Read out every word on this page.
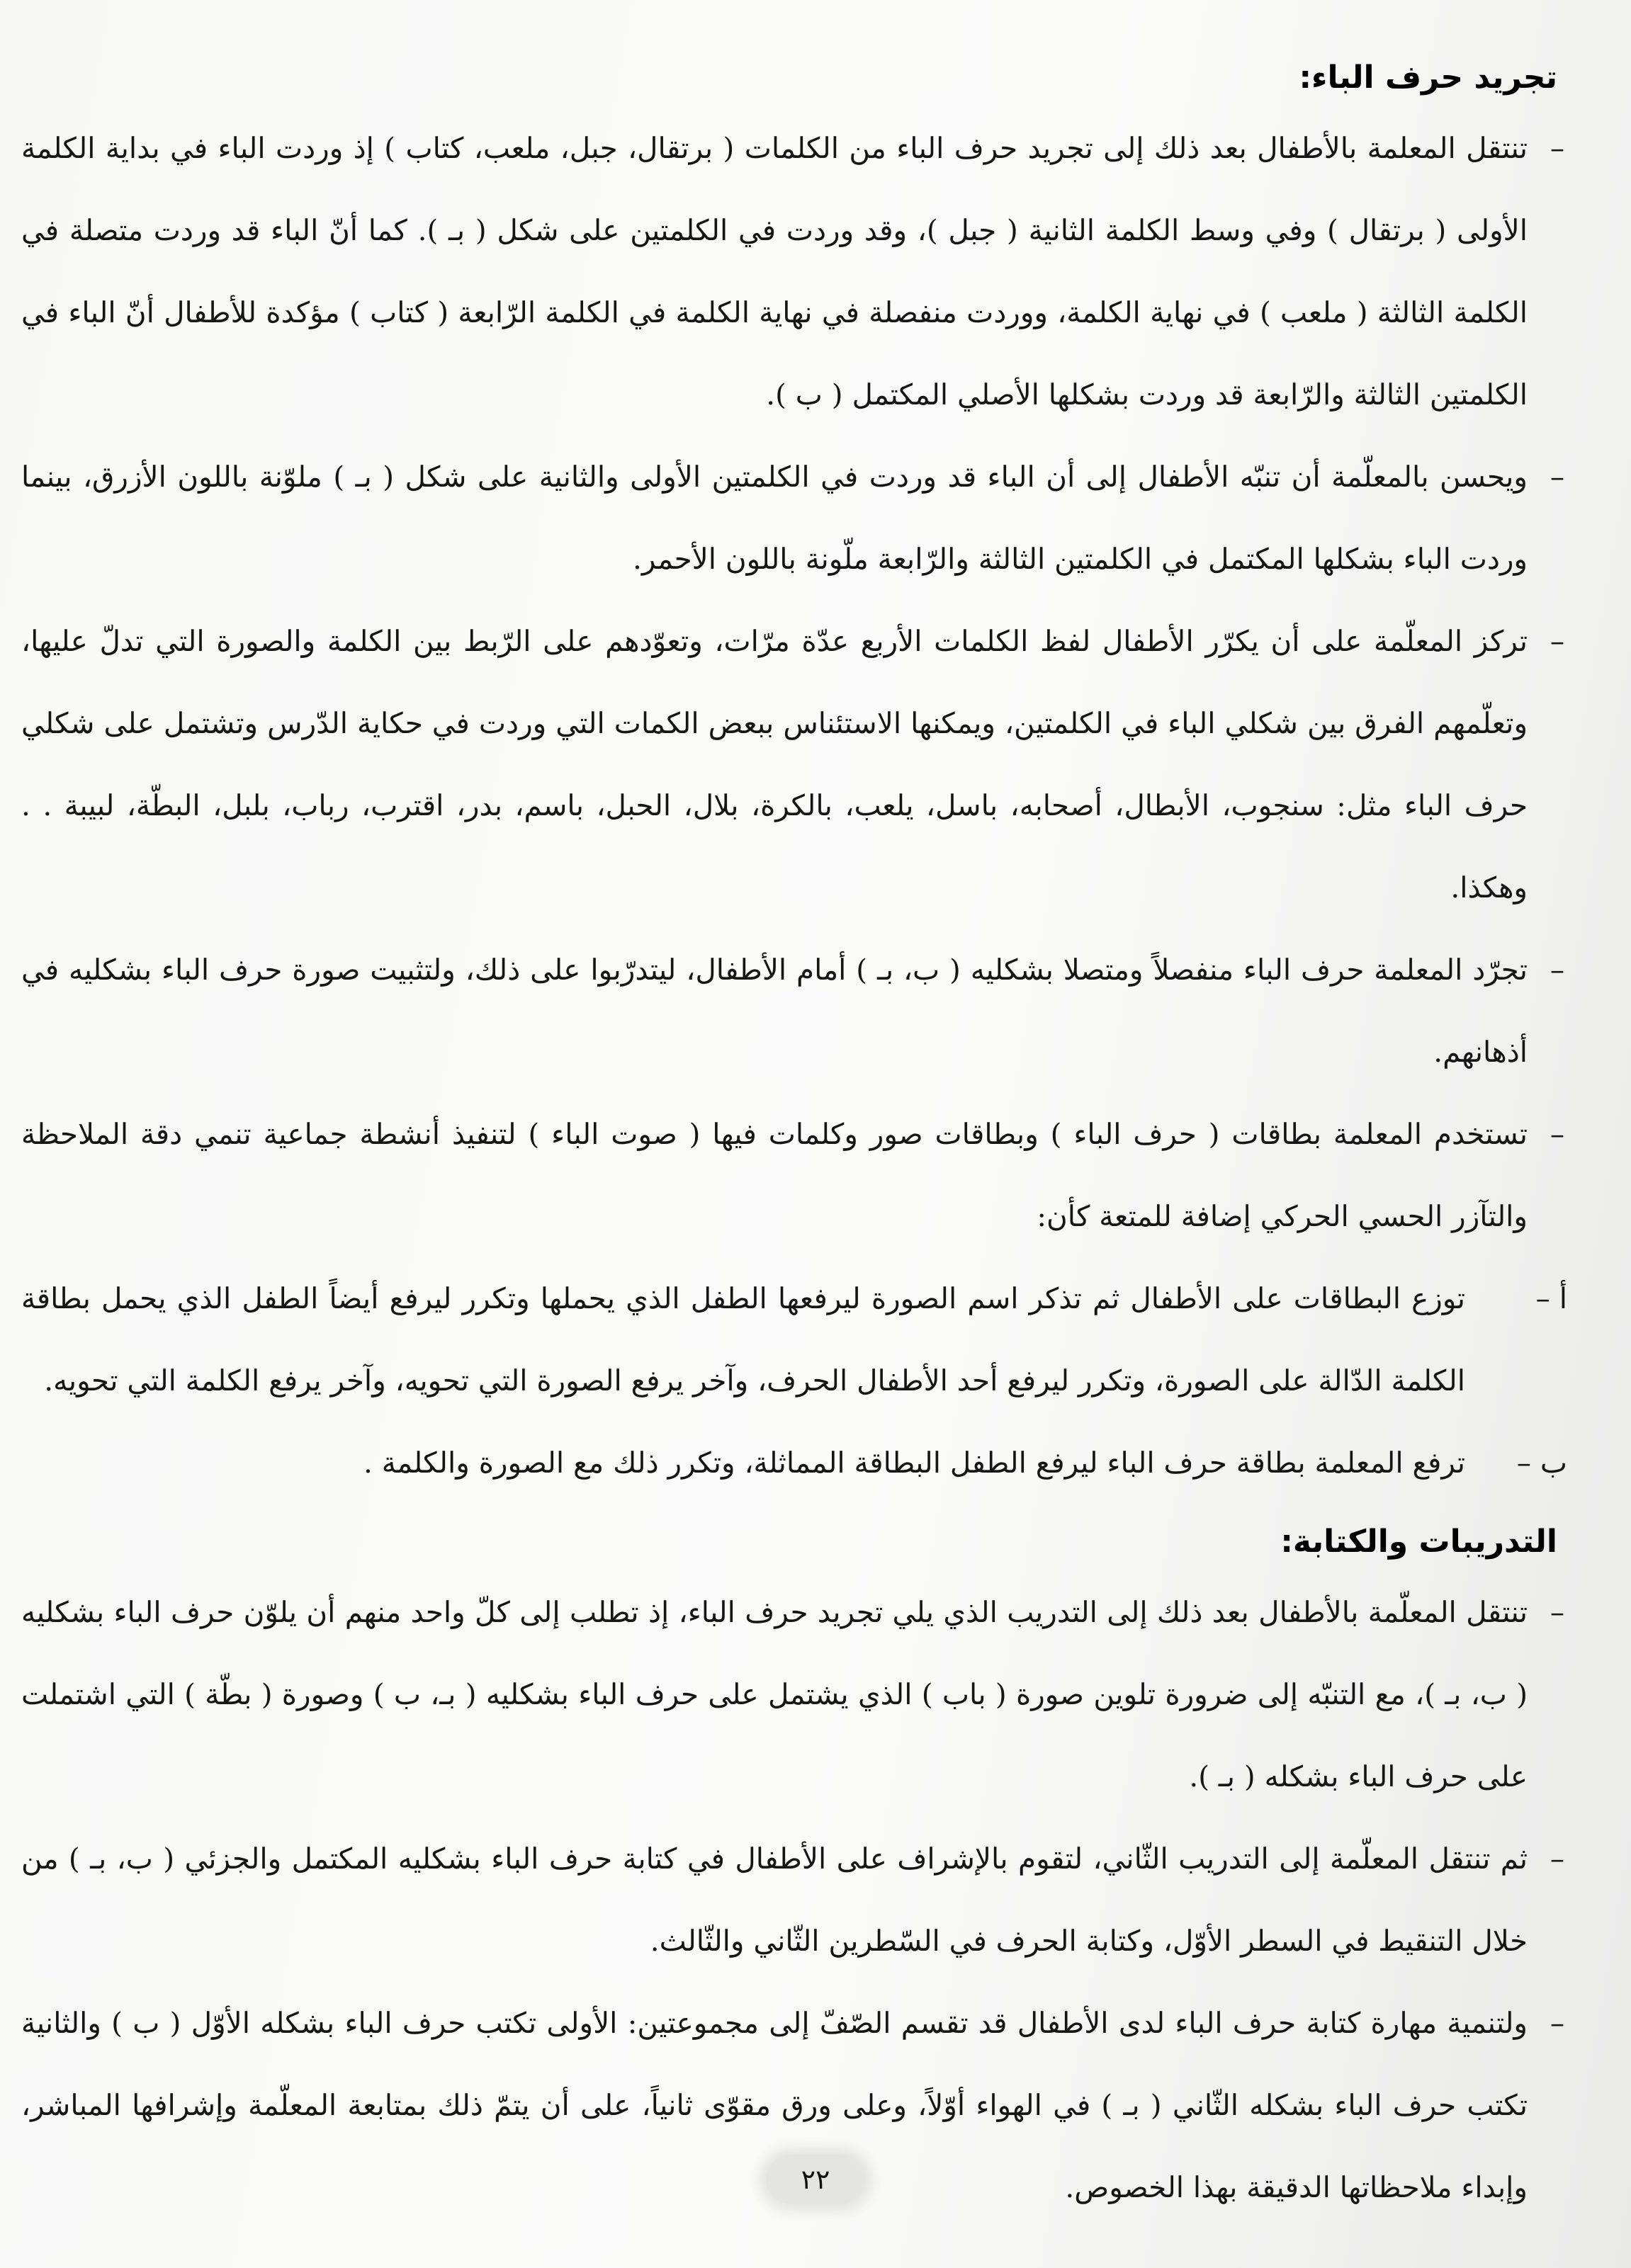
تجريد حرف الباء:
–
تنتقل المعلمة بالأطفال بعد ذلك إلى تجريد حرف الباء من الكلمات ( برتقال، جبل، ملعب، كتاب ) إذ وردت الباء في بداية الكلمة الأولى ( برتقال ) وفي وسط الكلمة الثانية ( جبل )، وقد وردت في الكلمتين على شكل ( بـ ). كما أنّ الباء قد وردت متصلة في الكلمة الثالثة ( ملعب ) في نهاية الكلمة، ووردت منفصلة في نهاية الكلمة في الكلمة الرّابعة ( كتاب ) مؤكدة للأطفال أنّ الباء في الكلمتين الثالثة والرّابعة قد وردت بشكلها الأصلي المكتمل ( ب ).
–
ويحسن بالمعلّمة أن تنبّه الأطفال إلى أن الباء قد وردت في الكلمتين الأولى والثانية على شكل ( بـ ) ملوّنة باللون الأزرق، بينما وردت الباء بشكلها المكتمل في الكلمتين الثالثة والرّابعة ملّونة باللون الأحمر.
–
تركز المعلّمة على أن يكرّر الأطفال لفظ الكلمات الأربع عدّة مرّات، وتعوّدهم على الرّبط بين الكلمة والصورة التي تدلّ عليها، وتعلّمهم الفرق بين شكلي الباء في الكلمتين، ويمكنها الاستئناس ببعض الكمات التي وردت في حكاية الدّرس وتشتمل على شكلي حرف الباء مثل: سنجوب، الأبطال، أصحابه، باسل، يلعب، بالكرة، بلال، الحبل، باسم، بدر، اقترب، رباب، بلبل، البطّة، لبيبة . . وهكذا.
–
تجرّد المعلمة حرف الباء منفصلاً ومتصلا بشكليه ( ب، بـ ) أمام الأطفال، ليتدرّبوا على ذلك، ولتثبيت صورة حرف الباء بشكليه في أذهانهم.
–
تستخدم المعلمة بطاقات ( حرف الباء ) وبطاقات صور وكلمات فيها ( صوت الباء ) لتنفيذ أنشطة جماعية تنمي دقة الملاحظة والتآزر الحسي الحركي إضافة للمتعة كأن:
أ –
توزع البطاقات على الأطفال ثم تذكر اسم الصورة ليرفعها الطفل الذي يحملها وتكرر ليرفع أيضاً الطفل الذي يحمل بطاقة الكلمة الدّالة على الصورة، وتكرر ليرفع أحد الأطفال الحرف، وآخر يرفع الصورة التي تحويه، وآخر يرفع الكلمة التي تحويه.
ب –
ترفع المعلمة بطاقة حرف الباء ليرفع الطفل البطاقة المماثلة، وتكرر ذلك مع الصورة والكلمة .
التدريبات والكتابة:
–
تنتقل المعلّمة بالأطفال بعد ذلك إلى التدريب الذي يلي تجريد حرف الباء، إذ تطلب إلى كلّ واحد منهم أن يلوّن حرف الباء بشكليه ( ب، بـ )، مع التنبّه إلى ضرورة تلوين صورة ( باب ) الذي يشتمل على حرف الباء بشكليه ( بـ، ب ) وصورة ( بطّة ) التي اشتملت على حرف الباء بشكله ( بـ ).
–
ثم تنتقل المعلّمة إلى التدريب الثّاني، لتقوم بالإشراف على الأطفال في كتابة حرف الباء بشكليه المكتمل والجزئي ( ب، بـ ) من خلال التنقيط في السطر الأوّل، وكتابة الحرف في السّطرين الثّاني والثّالث.
–
ولتنمية مهارة كتابة حرف الباء لدى الأطفال قد تقسم الصّفّ إلى مجموعتين: الأولى تكتب حرف الباء بشكله الأوّل ( ب ) والثانية تكتب حرف الباء بشكله الثّاني ( بـ ) في الهواء أوّلاً، وعلى ورق مقوّى ثانياً، على أن يتمّ ذلك بمتابعة المعلّمة وإشرافها المباشر، وإبداء ملاحظاتها الدقيقة بهذا الخصوص.
٢٢
